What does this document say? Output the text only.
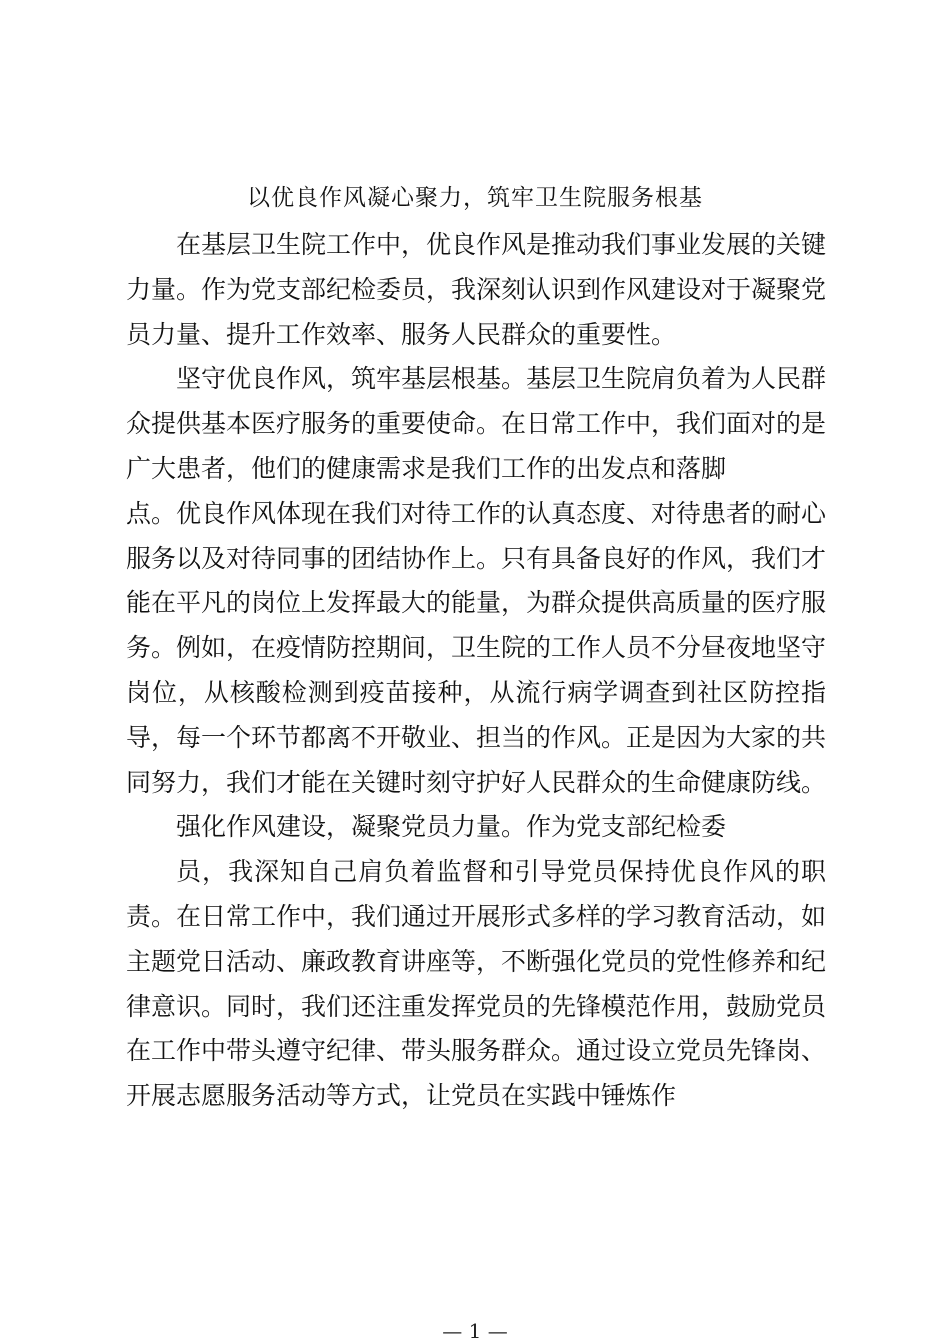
以优良作风凝心聚力，筑牢卫生院服务根基

在基层卫生院工作中，优良作风是推动我们事业发展的关键力量。作为党支部纪检委员，我深刻认识到作风建设对于凝聚党员力量、提升工作效率、服务人民群众的重要性。

坚守优良作风，筑牢基层根基。基层卫生院肩负着为人民群众提供基本医疗服务的重要使命。在日常工作中，我们面对的是广大患者，他们的健康需求是我们工作的出发点和落脚
点。优良作风体现在我们对待工作的认真态度、对待患者的耐心服务以及对待同事的团结协作上。只有具备良好的作风，我们才能在平凡的岗位上发挥最大的能量，为群众提供高质量的医疗服务。例如，在疫情防控期间，卫生院的工作人员不分昼夜地坚守岗位，从核酸检测到疫苗接种，从流行病学调查到社区防控指导，每一个环节都离不开敬业、担当的作风。正是因为大家的共同努力，我们才能在关键时刻守护好人民群众的生命健康防线。

强化作风建设，凝聚党员力量。作为党支部纪检委

员，我深知自己肩负着监督和引导党员保持优良作风的职责。在日常工作中，我们通过开展形式多样的学习教育活动，如主题党日活动、廉政教育讲座等，不断强化党员的党性修养和纪律意识。同时，我们还注重发挥党员的先锋模范作用，鼓励党员在工作中带头遵守纪律、带头服务群众。通过设立党员先锋岗、开展志愿服务活动等方式，让党员在实践中锤炼作

— 1 —
